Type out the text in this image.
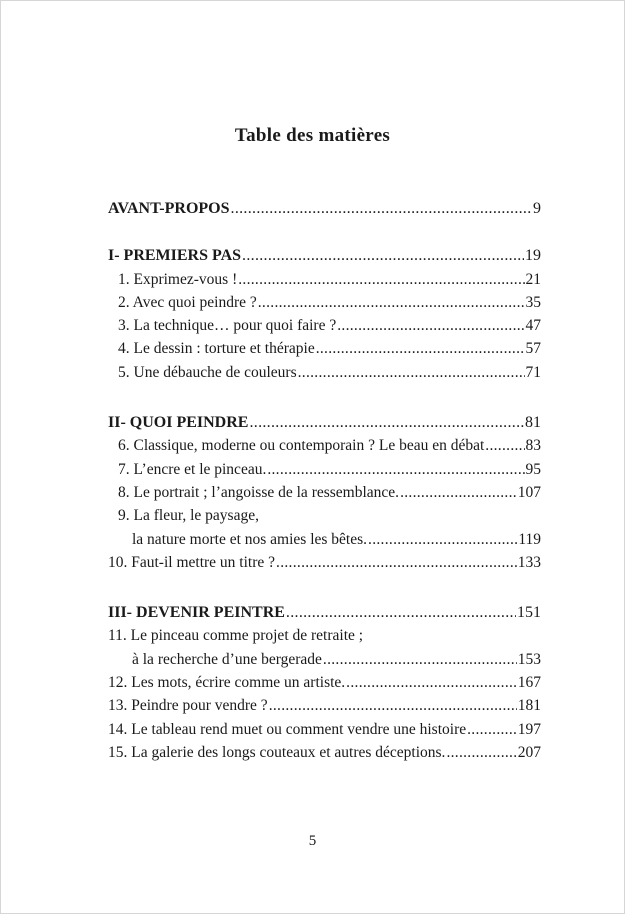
Table des matières
AVANT-PROPOS .....	9
I- PREMIERS PAS .....	19
1. Exprimez-vous ! .....	21
2. Avec quoi peindre ? .....	35
3. La technique… pour quoi faire ? .....	47
4. Le dessin : torture et thérapie .....	57
5. Une débauche de couleurs .....	71
II- QUOI PEINDRE .....	81
6. Classique, moderne ou contemporain ? Le beau en débat .....	83
7. L’encre et le pinceau. .....	95
8. Le portrait ; l’angoisse de la ressemblance. .....	107
9. La fleur, le paysage,
la nature morte et nos amies les bêtes. .....	119
10. Faut-il mettre un titre ? .....	133
III- DEVENIR PEINTRE .....	151
11. Le pinceau comme projet de retraite ;
à la recherche d’une bergerade .....	153
12. Les mots, écrire comme un artiste. .....	167
13. Peindre pour vendre ? .....	181
14. Le tableau rend muet ou comment vendre une histoire .....	197
15. La galerie des longs couteaux et autres déceptions. .....	207
5
